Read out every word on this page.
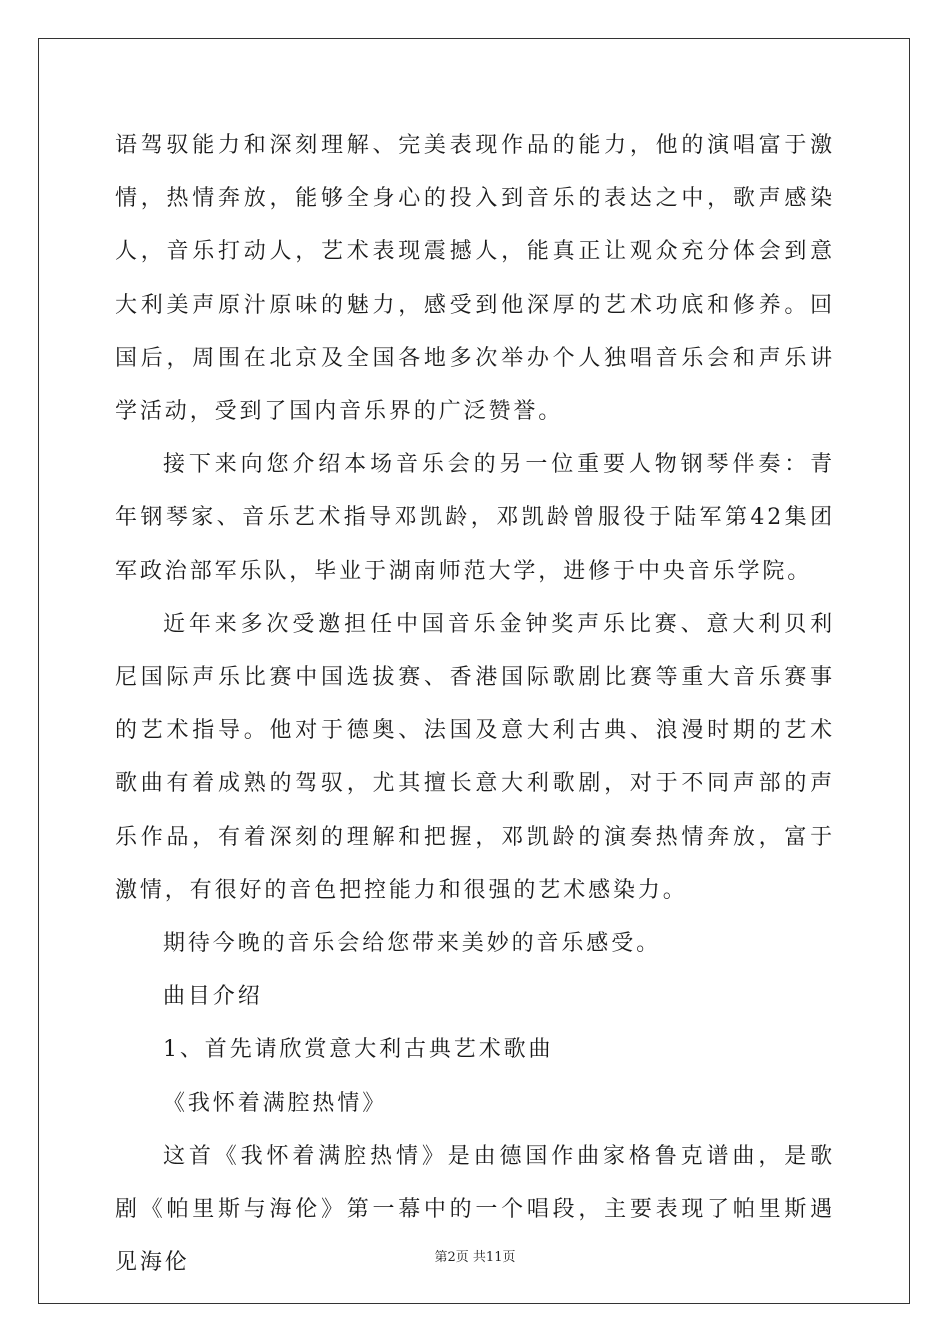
语驾驭能力和深刻理解、完美表现作品的能力，他的演唱富于激情，热情奔放，能够全身心的投入到音乐的表达之中，歌声感染人，音乐打动人，艺术表现震撼人，能真正让观众充分体会到意大利美声原汁原味的魅力，感受到他深厚的艺术功底和修养。回国后，周围在北京及全国各地多次举办个人独唱音乐会和声乐讲学活动，受到了国内音乐界的广泛赞誉。

接下来向您介绍本场音乐会的另一位重要人物钢琴伴奏：青年钢琴家、音乐艺术指导邓凯龄，邓凯龄曾服役于陆军第42集团军政治部军乐队，毕业于湖南师范大学，进修于中央音乐学院。

近年来多次受邀担任中国音乐金钟奖声乐比赛、意大利贝利尼国际声乐比赛中国选拔赛、香港国际歌剧比赛等重大音乐赛事的艺术指导。他对于德奥、法国及意大利古典、浪漫时期的艺术歌曲有着成熟的驾驭，尤其擅长意大利歌剧，对于不同声部的声乐作品，有着深刻的理解和把握，邓凯龄的演奏热情奔放，富于激情，有很好的音色把控能力和很强的艺术感染力。

期待今晚的音乐会给您带来美妙的音乐感受。

曲目介绍

1、首先请欣赏意大利古典艺术歌曲

《我怀着满腔热情》

这首《我怀着满腔热情》是由德国作曲家格鲁克谱曲，是歌剧《帕里斯与海伦》第一幕中的一个唱段，主要表现了帕里斯遇见海伦	第2页 共11页
